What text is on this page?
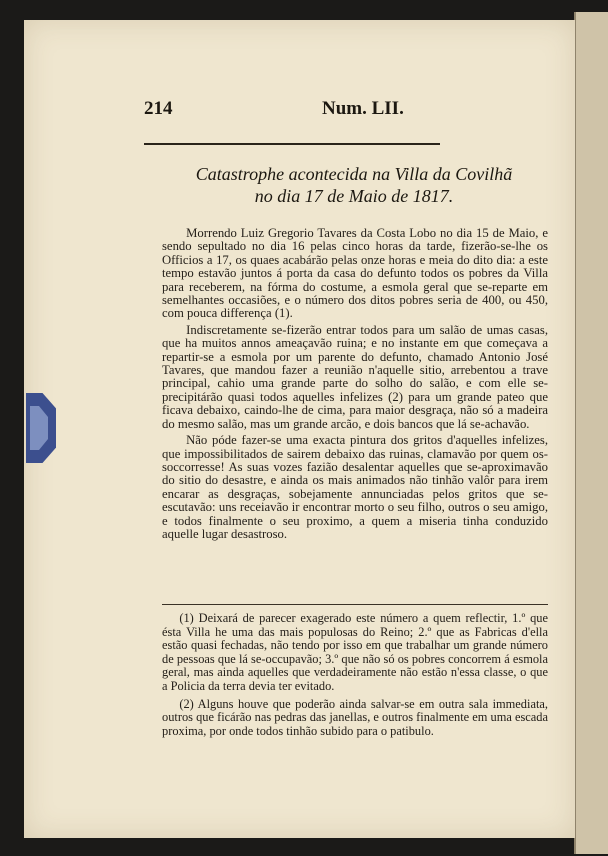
214	Num. LII.
Catastrophe acontecida na Villa da Covilhã
no dia 17 de Maio de 1817.

Morrendo Luiz Gregorio Tavares da Costa Lobo no dia 15 de Maio, e sendo sepultado no dia 16 pelas cinco horas da tarde, fizerão-se-lhe os Officios a 17, os quaes acabárão pelas onze horas e meia do dito dia: a este tempo estavão juntos á porta da casa do defunto todos os pobres da Villa para receberem, na fórma do costume, a esmola geral que se-reparte em semelhantes occasiões, e o número dos ditos pobres seria de 400, ou 450, com pouca differença (1).

Indiscretamente se-fizerão entrar todos para um salão de umas casas, que ha muitos annos ameaçavão ruina; e no instante em que começava a repartir-se a esmola por um parente do defunto, chamado Antonio José Tavares, que mandou fazer a reunião n'aquelle sitio, arrebentou a trave principal, cahio uma grande parte do solho do salão, e com elle se-precipitárão quasi todos aquelles infelizes (2) para um grande pateo que ficava debaixo, caindo-lhe de cima, para maior desgraça, não só a madeira do mesmo salão, mas um grande arcão, e dois bancos que lá se-achavão.

Não póde fazer-se uma exacta pintura dos gritos d'aquelles infelizes, que impossibilitados de sairem debaixo das ruinas, clamavão por quem os-soccorresse! As suas vozes fazião desalentar aquelles que se-aproximavão do sitio do desastre, e ainda os mais animados não tinhão valôr para irem encarar as desgraças, sobejamente annunciadas pelos gritos que se-escutavão: uns receiavão ir encontrar morto o seu filho, outros o seu amigo, e todos finalmente o seu proximo, a quem a miseria tinha conduzido aquelle lugar desastroso.

(1) Deixará de parecer exagerado este número a quem reflectir, 1.º que ésta Villa he uma das mais populosas do Reino; 2.º que as Fabricas d'ella estão quasi fechadas, não tendo por isso em que trabalhar um grande número de pessoas que lá se-occupavão; 3.º que não só os pobres concorrem á esmola geral, mas ainda aquelles que verdadeiramente não estão n'essa classe, o que a Policia da terra devia ter evitado.

(2) Alguns houve que poderão ainda salvar-se em outra sala immediata, outros que ficárão nas pedras das janellas, e outros finalmente em uma escada proxima, por onde todos tinhão subido para o patibulo.
